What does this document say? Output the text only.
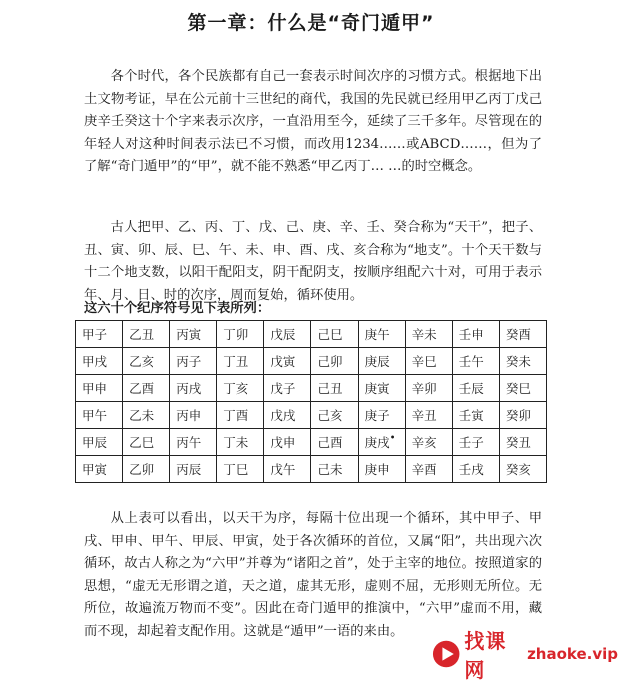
第一章：什么是“奇门遁甲”

各个时代，各个民族都有自己一套表示时间次序的习惯方式。根据地下出土文物考证，早在公元前十三世纪的商代，我国的先民就已经用甲乙丙丁戊己庚辛壬癸这十个字来表示次序，一直沿用至今，延续了三千多年。尽管现在的年轻人对这种时间表示法已不习惯，而改用1234……或ABCD……，但为了了解“奇门遁甲”的“甲”，就不能不熟悉“甲乙丙丁… …的时空概念。

古人把甲、乙、丙、丁、戊、己、庚、辛、壬、癸合称为“天干”，把子、丑、寅、卯、辰、巳、午、未、申、酉、戌、亥合称为“地支”。十个天干数与十二个地支数，以阳干配阳支，阴干配阴支，按顺序组配六十对，可用于表示年、月、日、时的次序，周而复始，循环使用。

这六十个纪序符号见下表所列：
甲子	乙丑	丙寅	丁卯	戊辰	己巳	庚午	辛未	壬申	癸酉
甲戌	乙亥	丙子	丁丑	戊寅	己卯	庚辰	辛巳	壬午	癸未
甲申	乙酉	丙戌	丁亥	戊子	己丑	庚寅	辛卯	壬辰	癸巳
甲午	乙未	丙申	丁酉	戊戌	己亥	庚子	辛丑	壬寅	癸卯
甲辰	乙巳	丙午	丁未	戊申	己酉	庚戌•	辛亥	壬子	癸丑
甲寅	乙卯	丙辰	丁巳	戊午	己未	庚申	辛酉	壬戌	癸亥

从上表可以看出，以天干为序，每隔十位出现一个循环，其中甲子、甲戌、甲申、甲午、甲辰、甲寅，处于各次循环的首位，又属“阳”，共出现六次循环，故古人称之为“六甲”并尊为“诸阳之首”，处于主宰的地位。按照道家的思想，“虚无无形谓之道，天之道，虚其无形，虚则不屈，无形则无所位。无所位，故遍流万物而不变”。因此在奇门遁甲的推演中，“六甲”虚而不用，藏而不现，却起着支配作用。这就是“遁甲”一语的来由。	找课网
zhaoke.vip
